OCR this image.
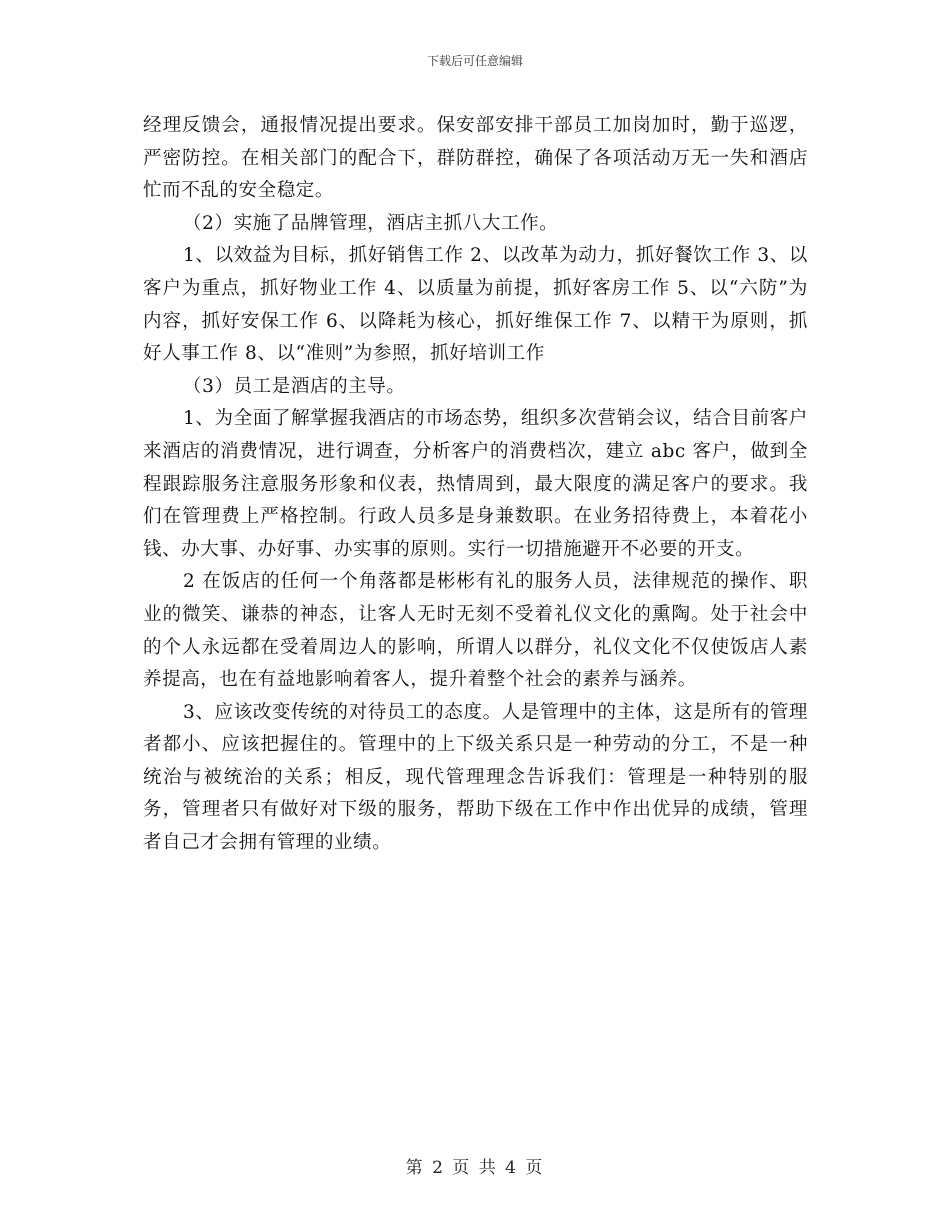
下载后可任意编辑

经理反馈会，通报情况提出要求。保安部安排干部员工加岗加时，勤于巡逻，严密防控。在相关部门的配合下，群防群控，确保了各项活动万无一失和酒店忙而不乱的安全稳定。

（2）实施了品牌管理，酒店主抓八大工作。

1、以效益为目标，抓好销售工作 2、以改革为动力，抓好餐饮工作 3、以客户为重点，抓好物业工作 4、以质量为前提，抓好客房工作 5、以“六防”为内容，抓好安保工作 6、以降耗为核心，抓好维保工作 7、以精干为原则，抓好人事工作 8、以“准则”为参照，抓好培训工作

（3）员工是酒店的主导。

1、为全面了解掌握我酒店的市场态势，组织多次营销会议，结合目前客户来酒店的消费情况，进行调查，分析客户的消费档次，建立 abc 客户，做到全程跟踪服务注意服务形象和仪表，热情周到，最大限度的满足客户的要求。我们在管理费上严格控制。行政人员多是身兼数职。在业务招待费上，本着花小钱、办大事、办好事、办实事的原则。实行一切措施避开不必要的开支。

2 在饭店的任何一个角落都是彬彬有礼的服务人员，法律规范的操作、职业的微笑、谦恭的神态，让客人无时无刻不受着礼仪文化的熏陶。处于社会中的个人永远都在受着周边人的影响，所谓人以群分，礼仪文化不仅使饭店人素养提高，也在有益地影响着客人，提升着整个社会的素养与涵养。

3、应该改变传统的对待员工的态度。人是管理中的主体，这是所有的管理者都小、应该把握住的。管理中的上下级关系只是一种劳动的分工，不是一种统治与被统治的关系；相反，现代管理理念告诉我们：管理是一种特别的服务，管理者只有做好对下级的服务，帮助下级在工作中作出优异的成绩，管理者自己才会拥有管理的业绩。

第 2 页 共 4 页
